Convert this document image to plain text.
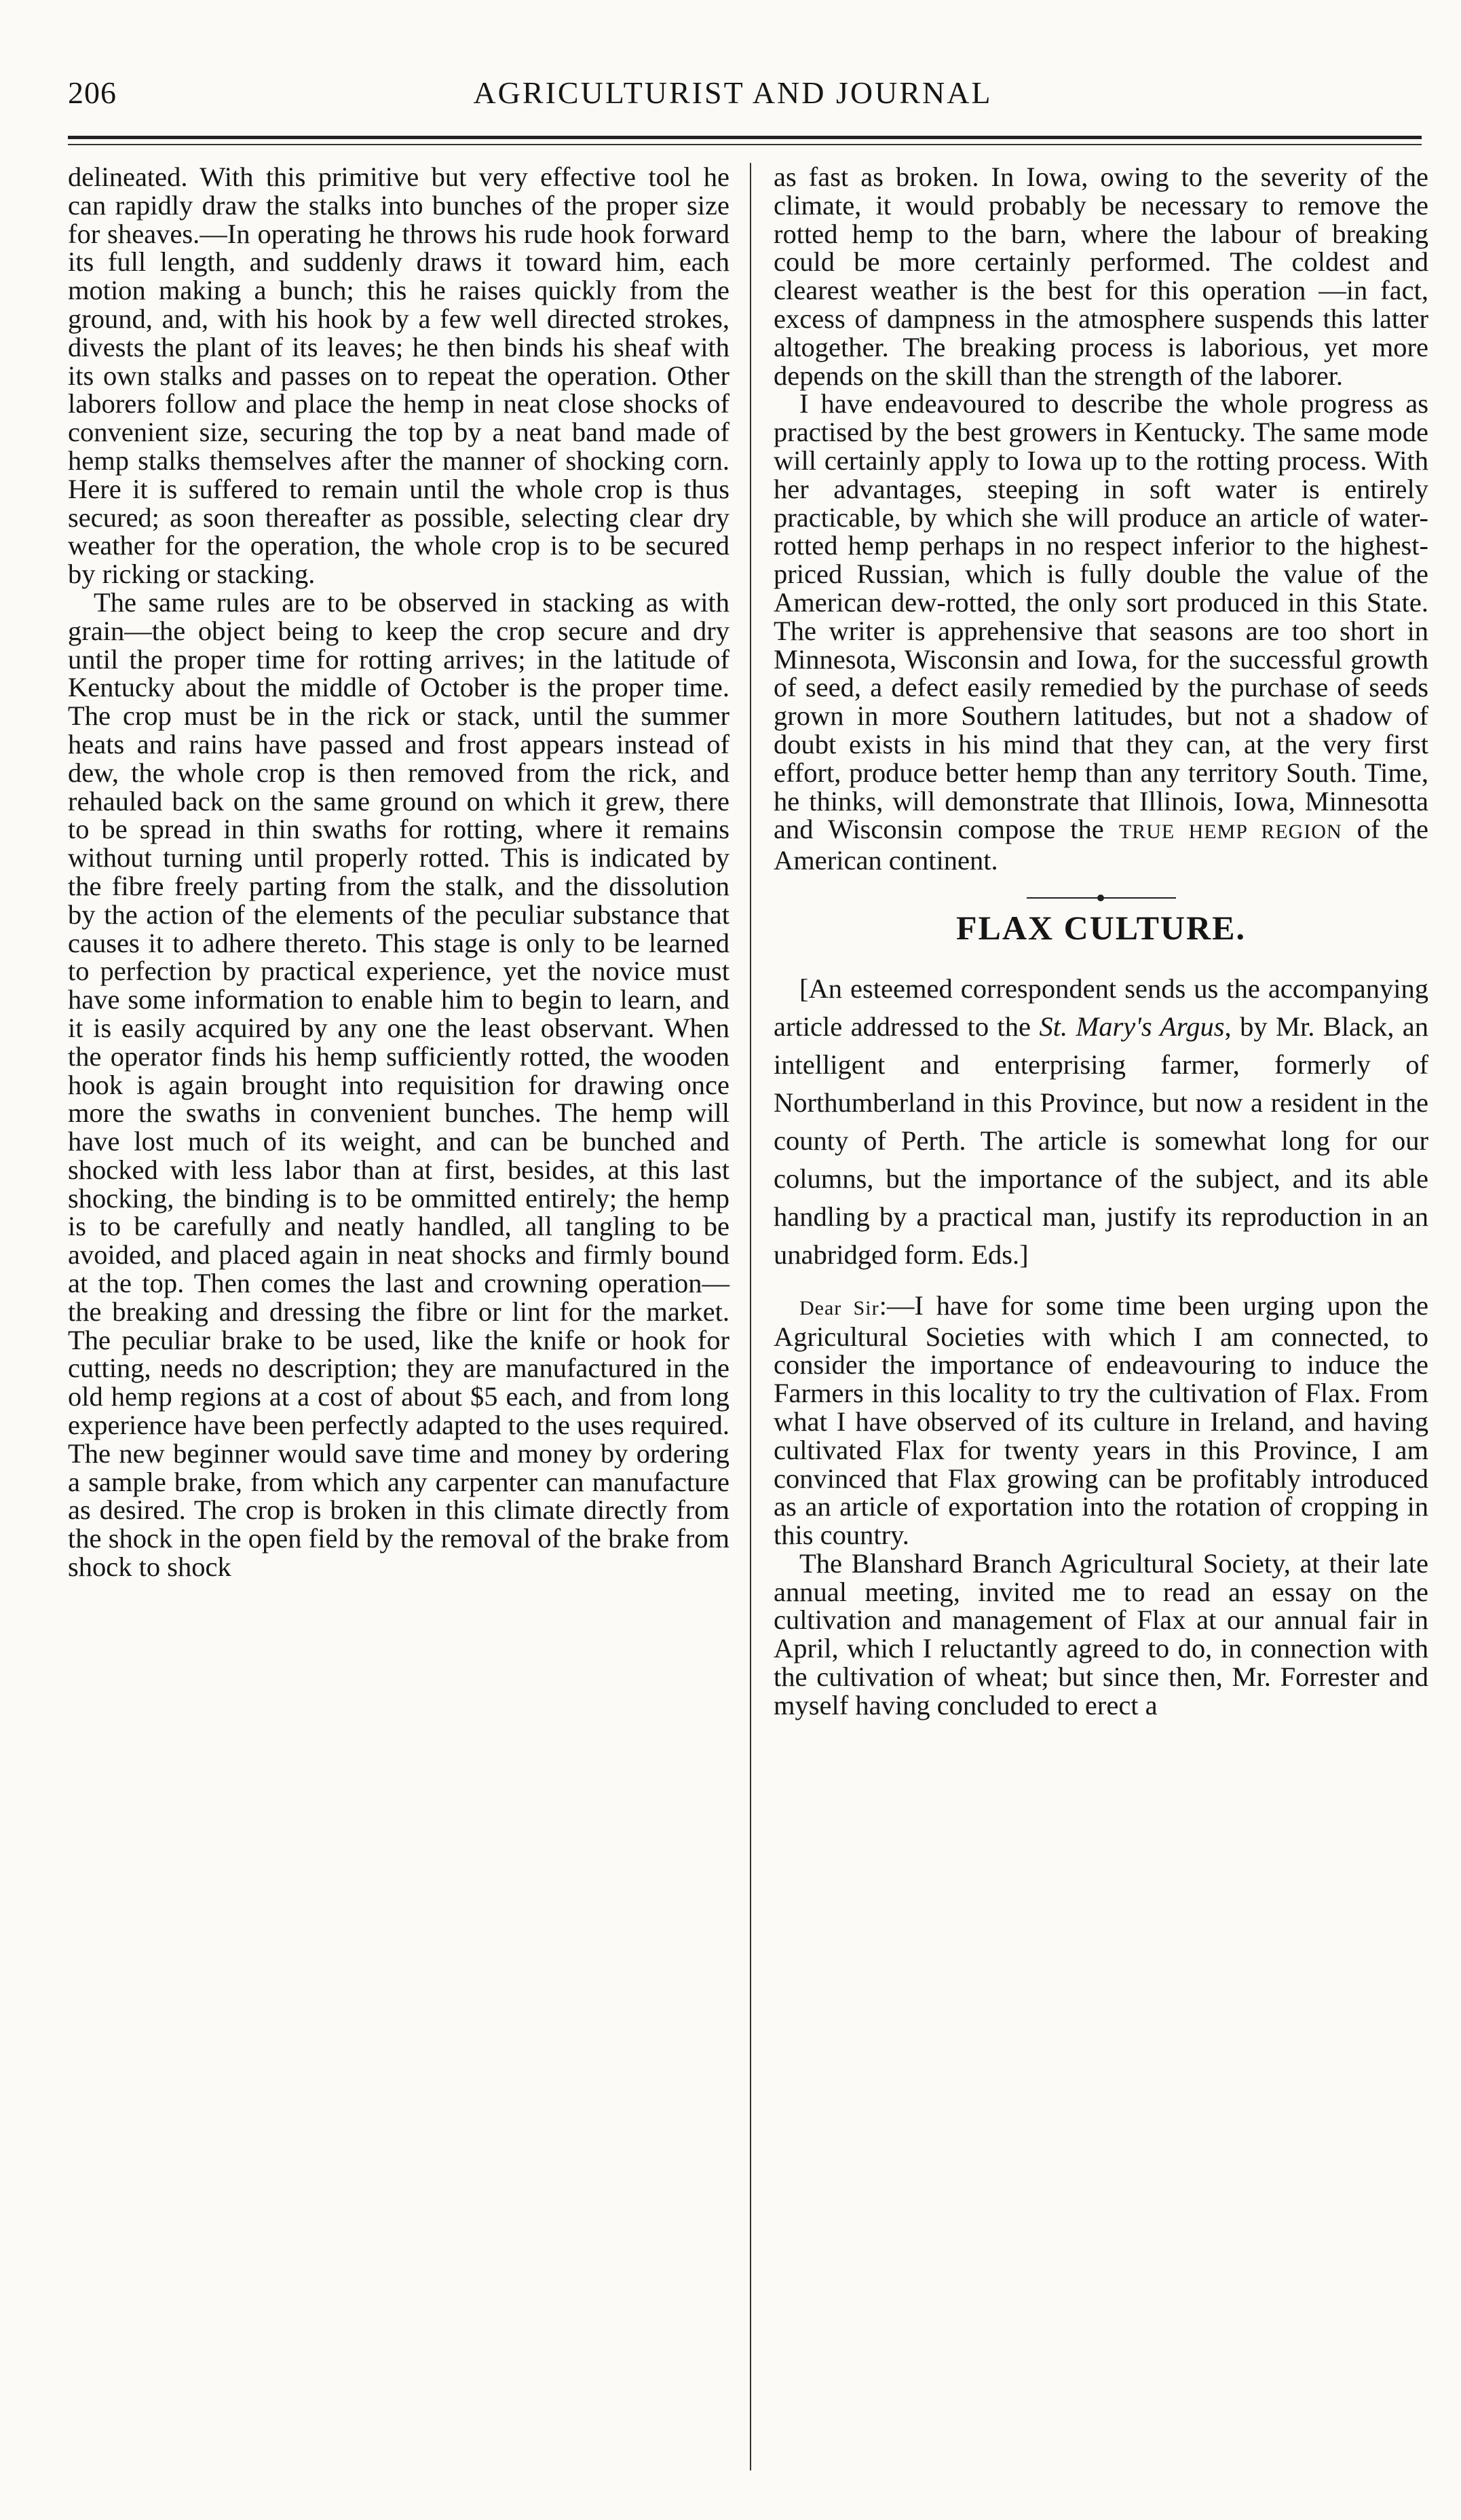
206	AGRICULTURIST AND JOURNAL

delineated. With this primitive but very effective tool he can rapidly draw the stalks into bunches of the proper size for sheaves.—In operating he throws his rude hook forward its full length, and suddenly draws it toward him, each motion making a bunch; this he raises quickly from the ground, and, with his hook by a few well directed strokes, divests the plant of its leaves; he then binds his sheaf with its own stalks and passes on to repeat the operation. Other laborers follow and place the hemp in neat close shocks of convenient size, securing the top by a neat band made of hemp stalks themselves after the manner of shocking corn. Here it is suffered to remain until the whole crop is thus secured; as soon thereafter as possible, selecting clear dry weather for the operation, the whole crop is to be secured by ricking or stacking.

The same rules are to be observed in stacking as with grain—the object being to keep the crop secure and dry until the proper time for rotting arrives; in the latitude of Kentucky about the middle of October is the proper time. The crop must be in the rick or stack, until the summer heats and rains have passed and frost appears instead of dew, the whole crop is then removed from the rick, and rehauled back on the same ground on which it grew, there to be spread in thin swaths for rotting, where it remains without turning until properly rotted. This is indicated by the fibre freely parting from the stalk, and the dissolution by the action of the elements of the peculiar substance that causes it to adhere thereto. This stage is only to be learned to perfection by practical experience, yet the novice must have some information to enable him to begin to learn, and it is easily acquired by any one the least observant. When the operator finds his hemp sufficiently rotted, the wooden hook is again brought into requisition for drawing once more the swaths in convenient bunches. The hemp will have lost much of its weight, and can be bunched and shocked with less labor than at first, besides, at this last shocking, the binding is to be ommitted entirely; the hemp is to be carefully and neatly handled, all tangling to be avoided, and placed again in neat shocks and firmly bound at the top. Then comes the last and crowning operation—the breaking and dressing the fibre or lint for the market. The peculiar brake to be used, like the knife or hook for cutting, needs no description; they are manufactured in the old hemp regions at a cost of about $5 each, and from long experience have been perfectly adapted to the uses required. The new beginner would save time and money by ordering a sample brake, from which any carpenter can manufacture as desired. The crop is broken in this climate directly from the shock in the open field by the removal of the brake from shock to shock

as fast as broken. In Iowa, owing to the severity of the climate, it would probably be necessary to remove the rotted hemp to the barn, where the labour of breaking could be more certainly performed. The coldest and clearest weather is the best for this operation —in fact, excess of dampness in the atmosphere suspends this latter altogether. The breaking process is laborious, yet more depends on the skill than the strength of the laborer.

I have endeavoured to describe the whole progress as practised by the best growers in Kentucky. The same mode will certainly apply to Iowa up to the rotting process. With her advantages, steeping in soft water is entirely practicable, by which she will produce an article of water-rotted hemp perhaps in no respect inferior to the highest-priced Russian, which is fully double the value of the American dew-rotted, the only sort produced in this State. The writer is apprehensive that seasons are too short in Minnesota, Wisconsin and Iowa, for the successful growth of seed, a defect easily remedied by the purchase of seeds grown in more Southern latitudes, but not a shadow of doubt exists in his mind that they can, at the very first effort, produce better hemp than any territory South. Time, he thinks, will demonstrate that Illinois, Iowa, Minnesotta and Wisconsin compose the TRUE HEMP REGION of the American continent.

FLAX CULTURE.

[An esteemed correspondent sends us the accompanying article addressed to the St. Mary's Argus, by Mr. Black, an intelligent and enterprising farmer, formerly of Northumberland in this Province, but now a resident in the county of Perth. The article is somewhat long for our columns, but the importance of the subject, and its able handling by a practical man, justify its reproduction in an unabridged form. Eds.]

Dear Sir:—I have for some time been urging upon the Agricultural Societies with which I am connected, to consider the importance of endeavouring to induce the Farmers in this locality to try the cultivation of Flax. From what I have observed of its culture in Ireland, and having cultivated Flax for twenty years in this Province, I am convinced that Flax growing can be profitably introduced as an article of exportation into the rotation of cropping in this country.

The Blanshard Branch Agricultural Society, at their late annual meeting, invited me to read an essay on the cultivation and management of Flax at our annual fair in April, which I reluctantly agreed to do, in connection with the cultivation of wheat; but since then, Mr. Forrester and myself having concluded to erect a
